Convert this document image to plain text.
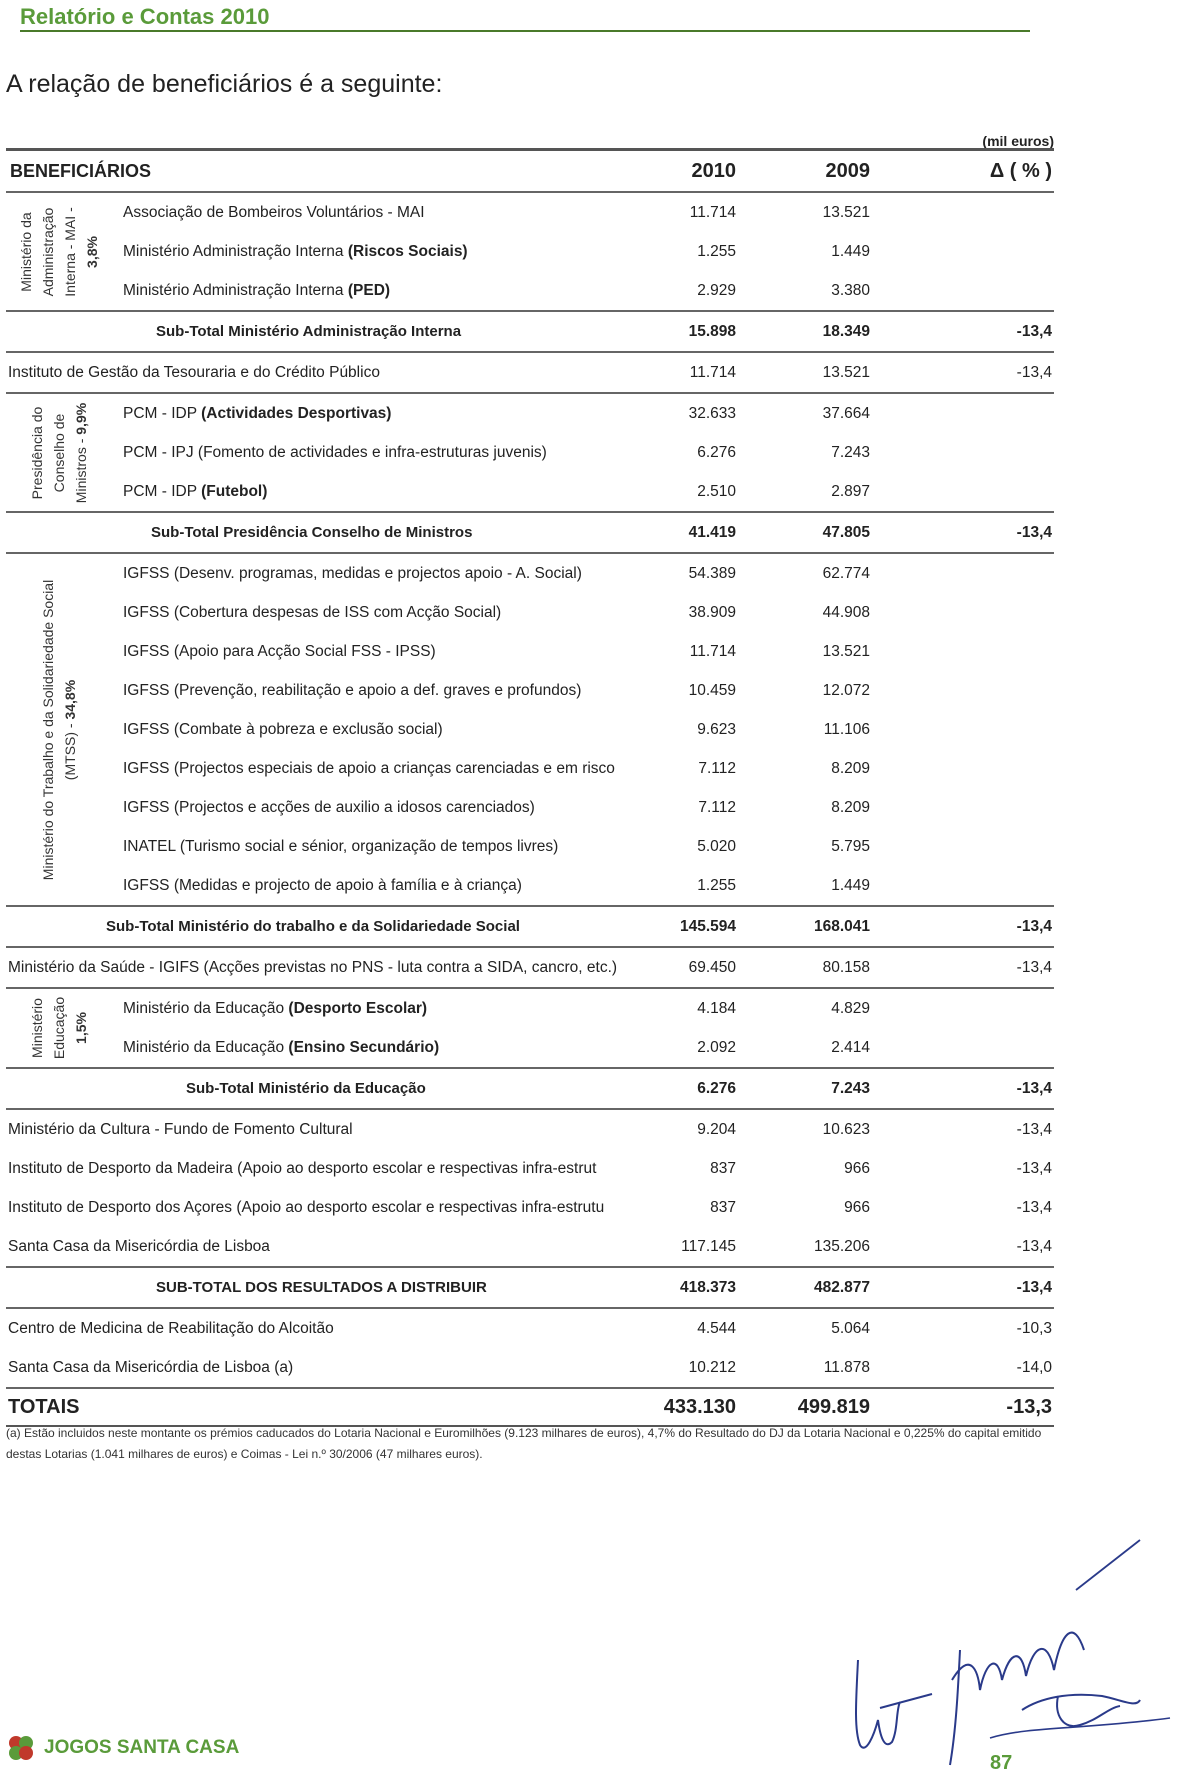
Relatório e Contas 2010
A relação de beneficiários é a seguinte:
(mil euros)
BENEFICIÁRIOS		2010	2009	Δ ( % )

Ministério da Administração Interna - MAI - 3,8%	Associação de Bombeiros Voluntários - MAI	11.714	13.521	
	Ministério Administração Interna (Riscos Sociais)	1.255	1.449	
	Ministério Administração Interna (PED)	2.929	3.380	
Sub-Total Ministério Administração Interna		15.898	18.349	-13,4
Instituto de Gestão da Tesouraria e do Crédito Público		11.714	13.521	-13,4

Presidência do Conselho de Ministros - 9,9%	PCM - IDP (Actividades Desportivas)	32.633	37.664	
	PCM - IPJ (Fomento de actividades e infra-estruturas juvenis)	6.276	7.243	
	PCM - IDP (Futebol)	2.510	2.897	
Sub-Total Presidência Conselho de Ministros		41.419	47.805	-13,4

Ministério do Trabalho e da Solidariedade Social (MTSS) - 34,8%	IGFSS (Desenv. programas, medidas e projectos apoio - A. Social)	54.389	62.774	
	IGFSS (Cobertura despesas de ISS com Acção Social)	38.909	44.908	
	IGFSS (Apoio para Acção Social FSS - IPSS)	11.714	13.521	
	IGFSS (Prevenção, reabilitação e apoio a def. graves e profundos)	10.459	12.072	
	IGFSS (Combate à pobreza e exclusão social)	9.623	11.106	
	IGFSS (Projectos especiais de apoio a crianças carenciadas e em risco	7.112	8.209	
	IGFSS (Projectos e acções de auxilio a idosos carenciados)	7.112	8.209	
	INATEL (Turismo social e sénior, organização de tempos livres)	5.020	5.795	
	IGFSS (Medidas e projecto de apoio à família e à criança)	1.255	1.449	
Sub-Total Ministério do trabalho e da Solidariedade Social		145.594	168.041	-13,4
Ministério da Saúde - IGIFS (Acções previstas no PNS - luta contra a SIDA, cancro, etc.)		69.450	80.158	-13,4

Ministério Educação 1,5%	Ministério da Educação (Desporto Escolar)	4.184	4.829	
	Ministério da Educação (Ensino Secundário)	2.092	2.414	
Sub-Total Ministério da Educação		6.276	7.243	-13,4
Ministério da Cultura - Fundo de Fomento Cultural		9.204	10.623	-13,4
Instituto de Desporto da Madeira (Apoio ao desporto escolar e respectivas infra-estrut		837	966	-13,4
Instituto de Desporto dos Açores (Apoio ao desporto escolar e respectivas infra-estrutu		837	966	-13,4
Santa Casa da Misericórdia de Lisboa		117.145	135.206	-13,4
SUB-TOTAL DOS RESULTADOS A DISTRIBUIR		418.373	482.877	-13,4
Centro de Medicina de Reabilitação do Alcoitão		4.544	5.064	-10,3
Santa Casa da Misericórdia de Lisboa (a)		10.212	11.878	-14,0
TOTAIS		433.130	499.819	-13,3
(a) Estão incluidos neste montante os prémios caducados do Lotaria Nacional e Euromilhões (9.123 milhares de euros), 4,7% do Resultado do DJ da Lotaria Nacional e 0,225% do capital emitido destas Lotarias (1.041 milhares de euros) e Coimas - Lei n.º 30/2006 (47 milhares euros).
JOGOS SANTA CASA
87
